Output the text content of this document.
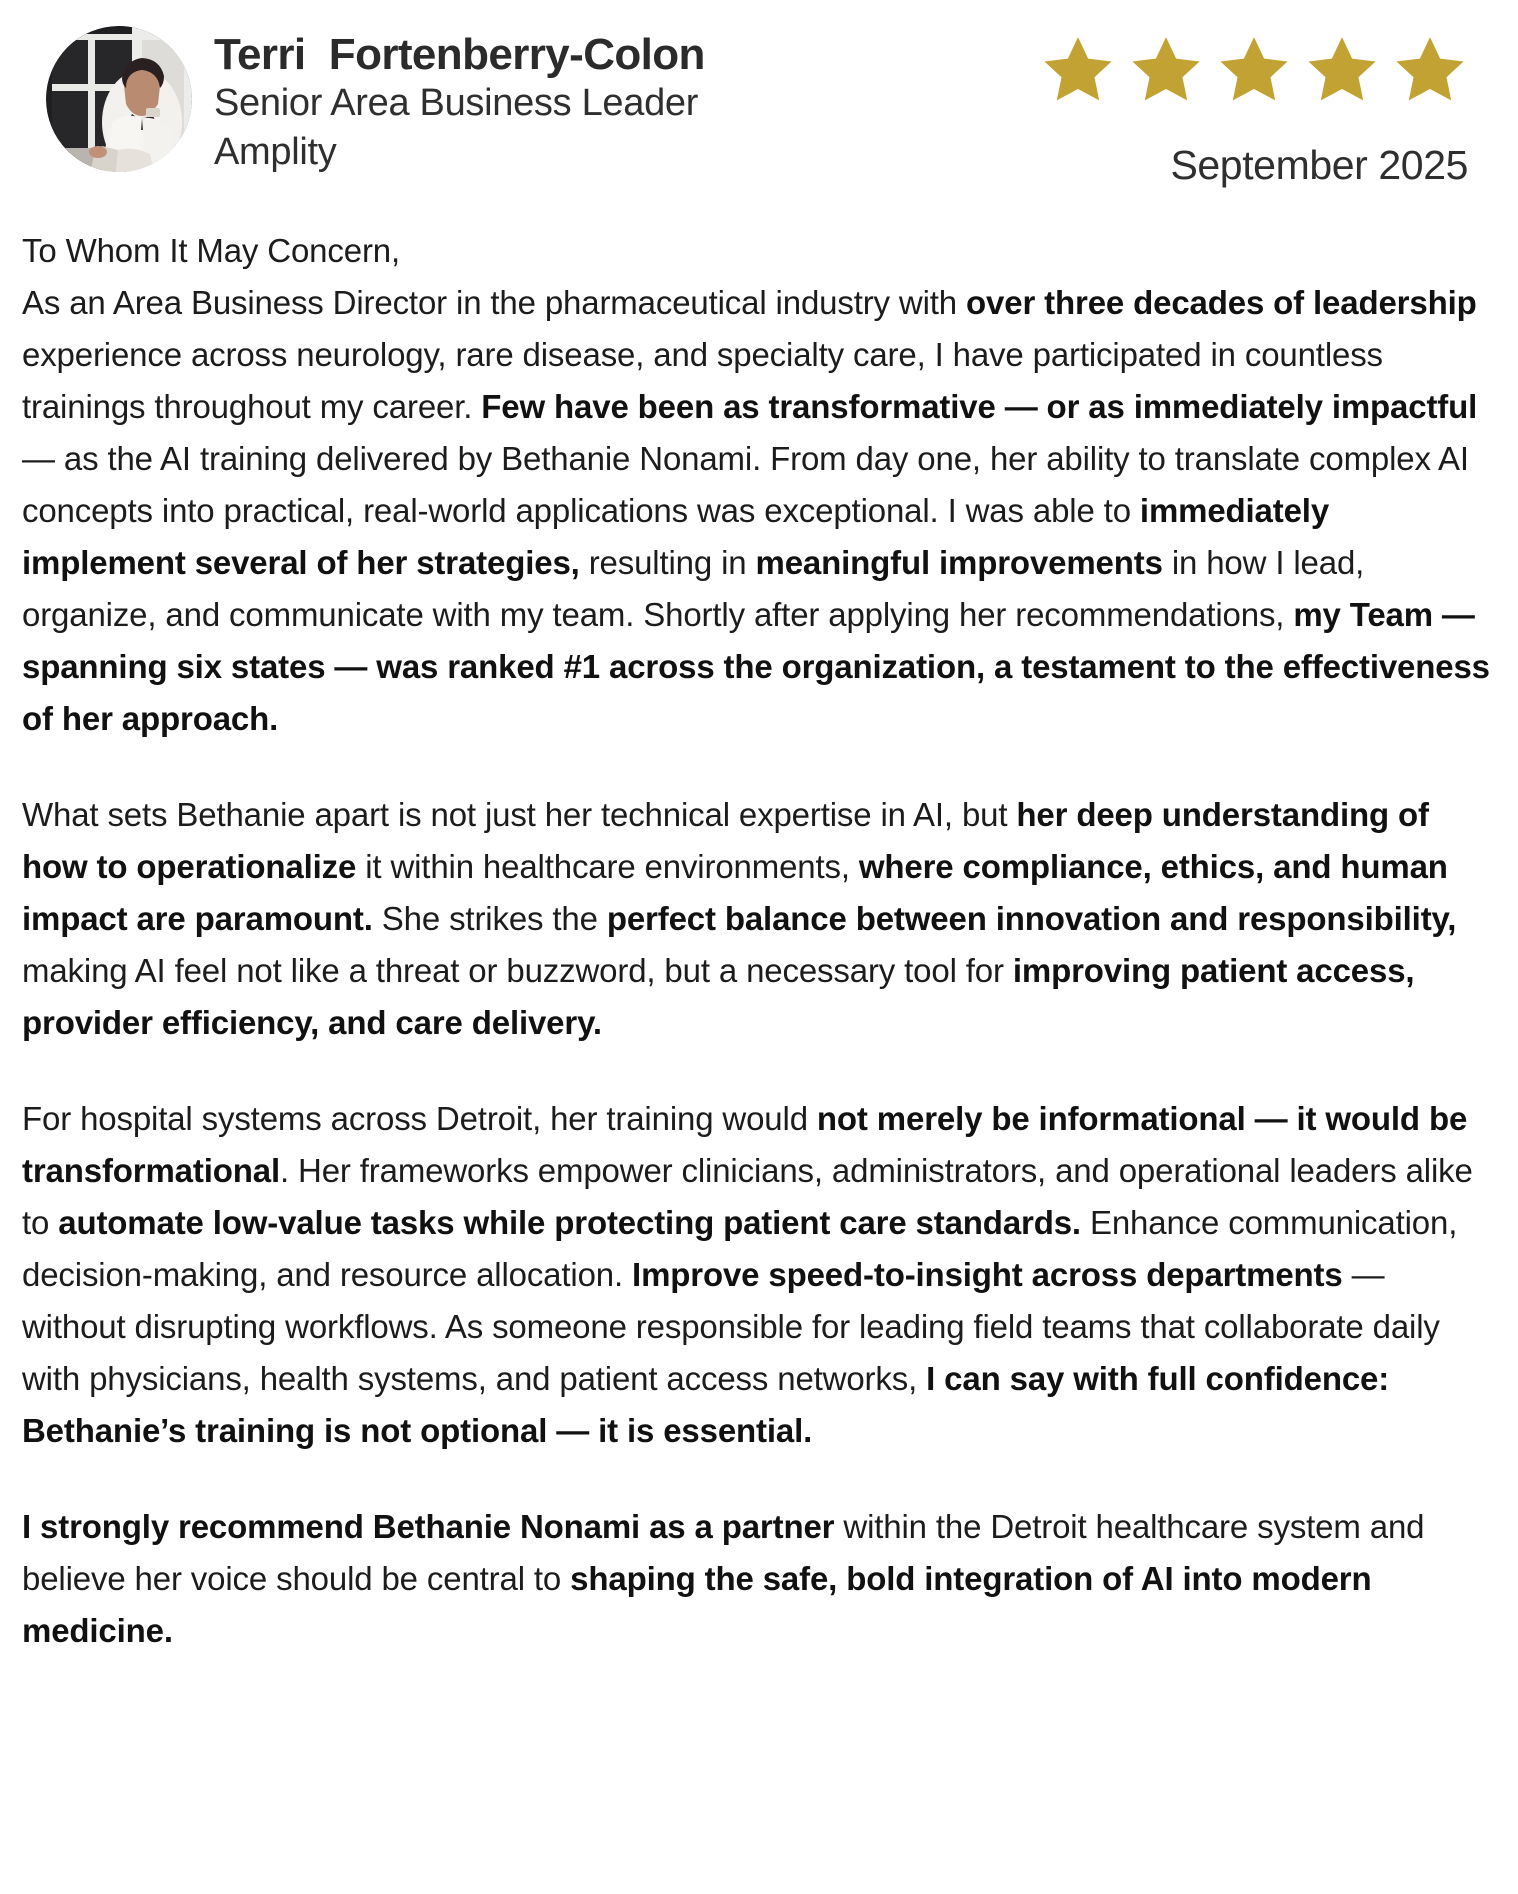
Terri  Fortenberry-Colon
Senior Area Business Leader
Amplity	September 2025

To Whom It May Concern,

As an Area Business Director in the pharmaceutical industry with over three decades of leadership experience across neurology, rare disease, and specialty care, I have participated in countless trainings throughout my career. Few have been as transformative — or as immediately impactful — as the AI training delivered by Bethanie Nonami. From day one, her ability to translate complex AI concepts into practical, real-world applications was exceptional. I was able to immediately implement several of her strategies, resulting in meaningful improvements in how I lead, organize, and communicate with my team. Shortly after applying her recommendations, my Team — spanning six states — was ranked #1 across the organization, a testament to the effectiveness of her approach.

What sets Bethanie apart is not just her technical expertise in AI, but her deep understanding of how to operationalize it within healthcare environments, where compliance, ethics, and human impact are paramount. She strikes the perfect balance between innovation and responsibility, making AI feel not like a threat or buzzword, but a necessary tool for improving patient access, provider efficiency, and care delivery.

For hospital systems across Detroit, her training would not merely be informational — it would be transformational. Her frameworks empower clinicians, administrators, and operational leaders alike to automate low-value tasks while protecting patient care standards. Enhance communication, decision-making, and resource allocation. Improve speed-to-insight across departments — without disrupting workflows. As someone responsible for leading field teams that collaborate daily with physicians, health systems, and patient access networks, I can say with full confidence: Bethanie’s training is not optional — it is essential.

I strongly recommend Bethanie Nonami as a partner within the Detroit healthcare system and believe her voice should be central to shaping the safe, bold integration of AI into modern medicine.
